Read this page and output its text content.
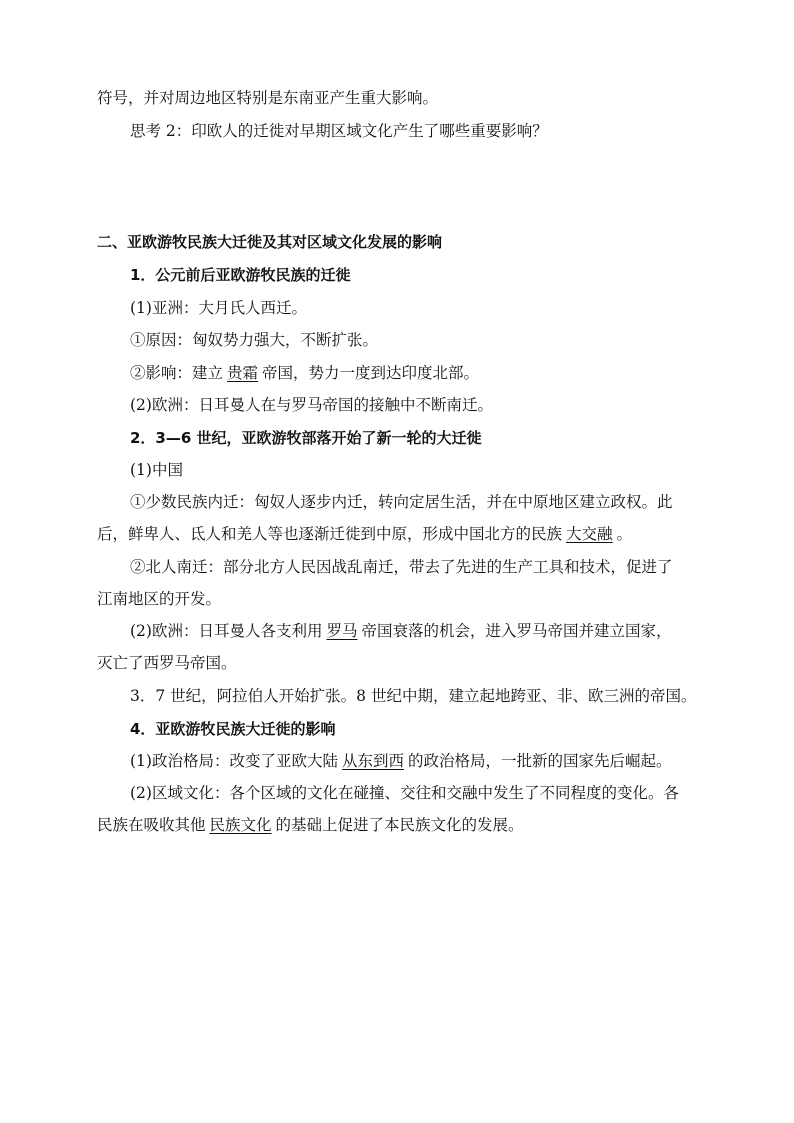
符号，并对周边地区特别是东南亚产生重大影响。
思考 2：印欧人的迁徙对早期区域文化产生了哪些重要影响？
二、亚欧游牧民族大迁徙及其对区域文化发展的影响
1．公元前后亚欧游牧民族的迁徙
(1)亚洲：大月氏人西迁。
①原因：匈奴势力强大，不断扩张。
②影响：建立 贵霜 帝国，势力一度到达印度北部。
(2)欧洲：日耳曼人在与罗马帝国的接触中不断南迁。
2．3—6 世纪，亚欧游牧部落开始了新一轮的大迁徙
(1)中国
①少数民族内迁：匈奴人逐步内迁，转向定居生活，并在中原地区建立政权。此
后，鲜卑人、氐人和羌人等也逐渐迁徙到中原，形成中国北方的民族 大交融 。
②北人南迁：部分北方人民因战乱南迁，带去了先进的生产工具和技术，促进了
江南地区的开发。
(2)欧洲：日耳曼人各支利用 罗马 帝国衰落的机会，进入罗马帝国并建立国家，
灭亡了西罗马帝国。
3．7 世纪，阿拉伯人开始扩张。8 世纪中期，建立起地跨亚、非、欧三洲的帝国。
4．亚欧游牧民族大迁徙的影响
(1)政治格局：改变了亚欧大陆 从东到西 的政治格局，一批新的国家先后崛起。
(2)区域文化：各个区域的文化在碰撞、交往和交融中发生了不同程度的变化。各
民族在吸收其他 民族文化 的基础上促进了本民族文化的发展。
